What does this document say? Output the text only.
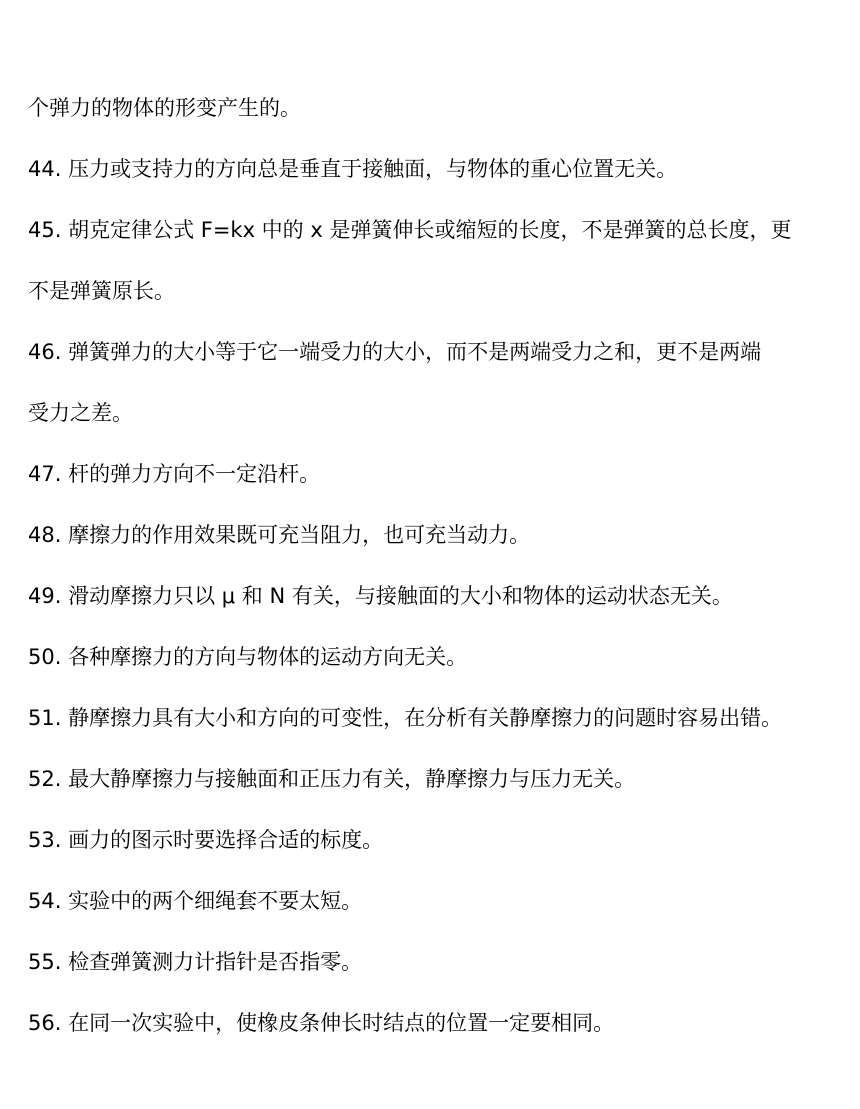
个弹力的物体的形变产生的。
44. 压力或支持力的方向总是垂直于接触面，与物体的重心位置无关。
45. 胡克定律公式 F=kx 中的 x 是弹簧伸长或缩短的长度，不是弹簧的总长度，更
不是弹簧原长。
46. 弹簧弹力的大小等于它一端受力的大小，而不是两端受力之和，更不是两端
受力之差。
47. 杆的弹力方向不一定沿杆。
48. 摩擦力的作用效果既可充当阻力，也可充当动力。
49. 滑动摩擦力只以 μ 和 N 有关，与接触面的大小和物体的运动状态无关。
50. 各种摩擦力的方向与物体的运动方向无关。
51. 静摩擦力具有大小和方向的可变性，在分析有关静摩擦力的问题时容易出错。
52. 最大静摩擦力与接触面和正压力有关，静摩擦力与压力无关。
53. 画力的图示时要选择合适的标度。
54. 实验中的两个细绳套不要太短。
55. 检查弹簧测力计指针是否指零。
56. 在同一次实验中，使橡皮条伸长时结点的位置一定要相同。
